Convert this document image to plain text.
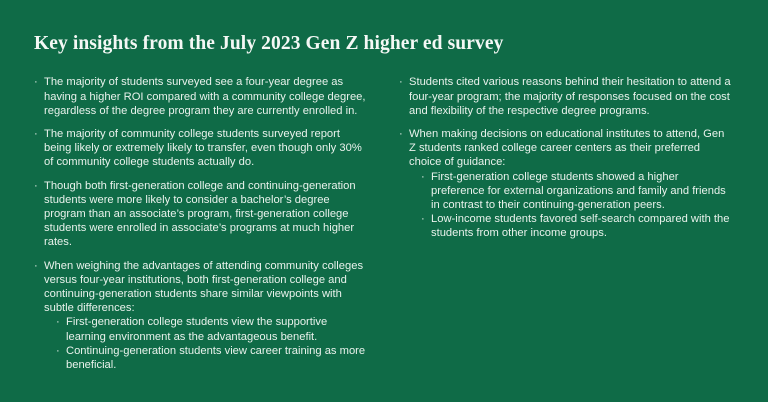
Key insights from the July 2023 Gen Z higher ed survey
· The majority of students surveyed see a four-year degree as having a higher ROI compared with a community college degree, regardless of the degree program they are currently enrolled in.
· The majority of community college students surveyed report being likely or extremely likely to transfer, even though only 30% of community college students actually do.
· Though both first-generation college and continuing-generation students were more likely to consider a bachelor’s degree program than an associate’s program, first-generation college students were enrolled in associate’s programs at much higher rates.
· When weighing the advantages of attending community colleges versus four-year institutions, both first-generation college and continuing-generation students share similar viewpoints with subtle differences:
· First-generation college students view the supportive learning environment as the advantageous benefit.
· Continuing-generation students view career training as more beneficial.
· Students cited various reasons behind their hesitation to attend a four-year program; the majority of responses focused on the cost and flexibility of the respective degree programs.
· When making decisions on educational institutes to attend, Gen Z students ranked college career centers as their preferred choice of guidance:
· First-generation college students showed a higher preference for external organizations and family and friends in contrast to their continuing-generation peers.
· Low-income students favored self-search compared with the students from other income groups.
